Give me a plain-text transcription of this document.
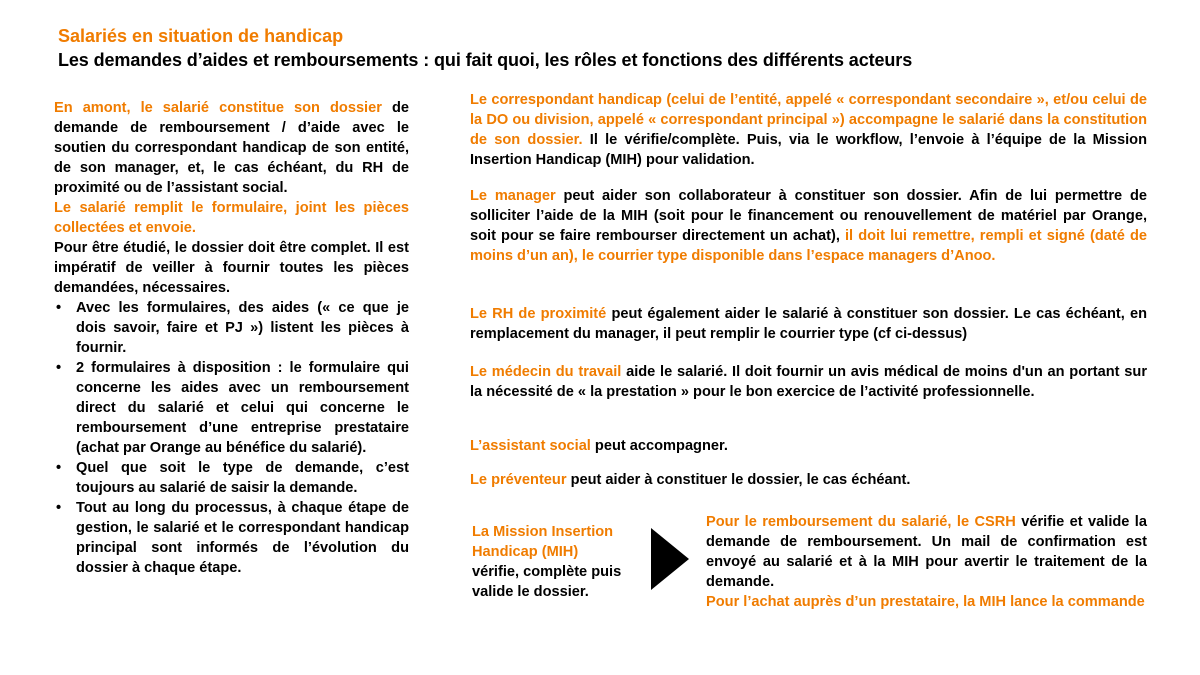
Salariés en situation de handicap
Les demandes d’aides et remboursements : qui fait quoi, les rôles et fonctions des différents acteurs

En amont, le salarié constitue son dossier de demande de remboursement / d’aide avec le soutien du correspondant handicap de son entité, de son manager, et, le cas échéant, du RH de proximité ou de l’assistant social.

Le salarié remplit le formulaire, joint les pièces collectées et envoie.

Pour être étudié, le dossier doit être complet. Il est impératif de veiller à fournir toutes les pièces demandées, nécessaires.

• Avec les formulaires, des aides (« ce que je dois savoir, faire et PJ ») listent les pièces à fournir.
• 2 formulaires à disposition : le formulaire qui concerne les aides avec un remboursement direct du salarié et celui qui concerne le remboursement d’une entreprise prestataire (achat par Orange au bénéfice du salarié).
• Quel que soit le type de demande, c’est toujours au salarié de saisir la demande.
• Tout au long du processus, à chaque étape de gestion, le salarié et le correspondant handicap principal sont informés de l’évolution du dossier à chaque étape.

Le correspondant handicap (celui de l’entité, appelé « correspondant secondaire », et/ou celui de la DO ou division, appelé « correspondant principal ») accompagne le salarié dans la constitution de son dossier. Il le vérifie/complète. Puis, via le workflow, l’envoie à l’équipe de la Mission Insertion Handicap (MIH) pour validation.

Le manager peut aider son collaborateur à constituer son dossier. Afin de lui permettre de solliciter l’aide de la MIH (soit pour le financement ou renouvellement de matériel par Orange, soit pour se faire rembourser directement un achat), il doit lui remettre, rempli et signé (daté de moins d’un an), le courrier type disponible dans l’espace managers d’Anoo.

Le RH de proximité peut également aider le salarié à constituer son dossier. Le cas échéant, en remplacement du manager, il peut remplir le courrier type (cf ci-dessus)

Le médecin du travail aide le salarié. Il doit fournir un avis médical de moins d'un an portant sur la nécessité de « la prestation » pour le bon exercice de l’activité professionnelle.

L’assistant social peut accompagner.

Le préventeur peut aider à constituer le dossier, le cas échéant.

La Mission Insertion Handicap (MIH)
vérifie, complète puis valide le dossier.

Pour le remboursement du salarié, le CSRH vérifie et valide la demande de remboursement. Un mail de confirmation est envoyé au salarié et à la MIH pour avertir le traitement de la demande.

Pour l’achat auprès d’un prestataire, la MIH lance la commande
